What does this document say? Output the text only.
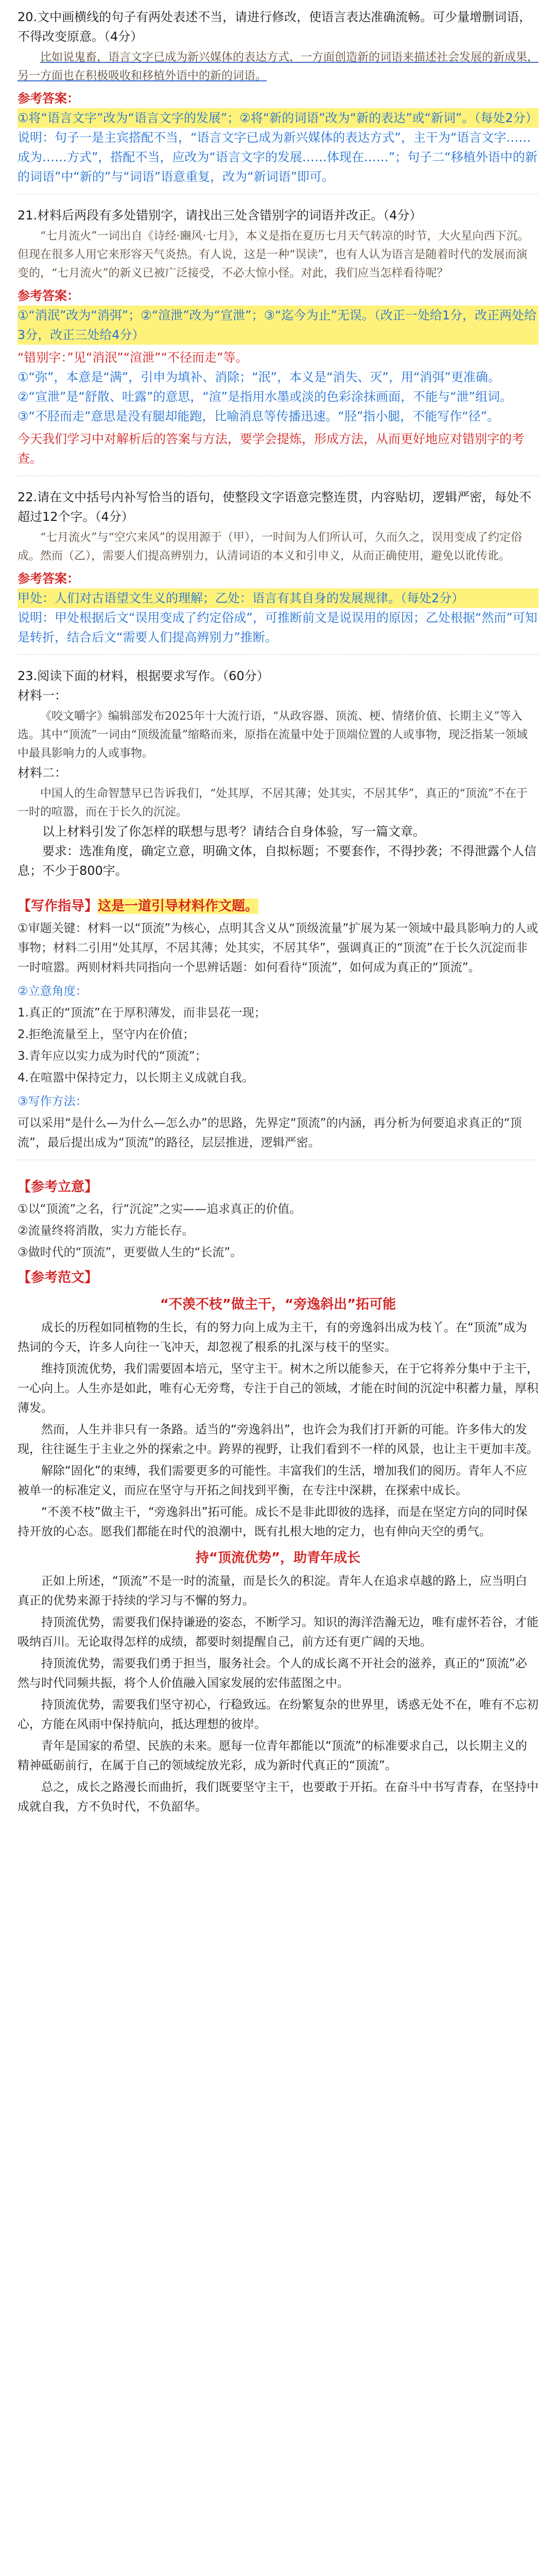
20.文中画横线的句子有两处表述不当，请进行修改，使语言表达准确流畅。可少量增删词语，不得改变原意。（4分）

比如说鬼畜，语言文字已成为新兴媒体的表达方式，一方面创造新的词语来描述社会发展的新成果，另一方面也在积极吸收和移植外语中的新的词语。

参考答案：

①将“语言文字”改为“语言文字的发展”；②将“新的词语”改为“新的表达”或“新词”。（每处2分）

说明：句子一是主宾搭配不当，“语言文字已成为新兴媒体的表达方式”，主干为“语言文字……成为……方式”，搭配不当，应改为“语言文字的发展……体现在……”；句子二“移植外语中的新的词语”中“新的”与“词语”语意重复，改为“新词语”即可。

21.材料后两段有多处错别字，请找出三处含错别字的词语并改正。（4分）

“七月流火”一词出自《诗经·豳风·七月》，本义是指在夏历七月天气转凉的时节，大火星向西下沉。但现在很多人用它来形容天气炎热。有人说，这是一种“误读”，也有人认为语言是随着时代的发展而演变的，“七月流火”的新义已被广泛接受，不必大惊小怪。对此，我们应当怎样看待呢？

参考答案：

①“消泯”改为“消弭”；②“渲泄”改为“宣泄”；③“迄今为止”无误。（改正一处给1分，改正两处给3分，改正三处给4分）

“错别字：”见“消泯”“渲泄”“不径而走”等。

①“弥”，本意是“满”，引申为填补、消除；“泯”，本义是“消失、灭”，用“消弭”更准确。

②“宣泄”是“舒散、吐露”的意思，“渲”是指用水墨或淡的色彩涂抹画面，不能与“泄”组词。

③“不胫而走”意思是没有腿却能跑，比喻消息等传播迅速。“胫”指小腿，不能写作“径”。

今天我们学习中对解析后的答案与方法，要学会提炼，形成方法，从而更好地应对错别字的考查。

22.请在文中括号内补写恰当的语句，使整段文字语意完整连贯，内容贴切，逻辑严密，每处不超过12个字。（4分）

“七月流火”与“空穴来风”的误用源于（甲），一时间为人们所认可，久而久之，误用变成了约定俗成。然而（乙），需要人们提高辨别力，认清词语的本义和引申义，从而正确使用，避免以讹传讹。

参考答案：

甲处：人们对古语望文生义的理解；乙处：语言有其自身的发展规律。（每处2分）

说明：甲处根据后文“误用变成了约定俗成”，可推断前文是说误用的原因；乙处根据“然而”可知是转折，结合后文“需要人们提高辨别力”推断。

23.阅读下面的材料，根据要求写作。（60分）

材料一：

《咬文嚼字》编辑部发布2025年十大流行语，“从政容器、顶流、梗、情绪价值、长期主义”等入选。其中“顶流”一词由“顶级流量”缩略而来，原指在流量中处于顶端位置的人或事物，现泛指某一领域中最具影响力的人或事物。

材料二：

中国人的生命智慧早已告诉我们，“处其厚，不居其薄；处其实，不居其华”，真正的“顶流”不在于一时的喧嚣，而在于长久的沉淀。

以上材料引发了你怎样的联想与思考？请结合自身体验，写一篇文章。

要求：选准角度，确定立意，明确文体，自拟标题；不要套作，不得抄袭；不得泄露个人信息；不少于800字。

【写作指导】这是一道引导材料作文题。

①审题关键：材料一以“顶流”为核心，点明其含义从“顶级流量”扩展为某一领域中最具影响力的人或事物；材料二引用“处其厚，不居其薄；处其实，不居其华”，强调真正的“顶流”在于长久沉淀而非一时喧嚣。两则材料共同指向一个思辨话题：如何看待“顶流”，如何成为真正的“顶流”。

②立意角度：

1.真正的“顶流”在于厚积薄发，而非昙花一现；

2.拒绝流量至上，坚守内在价值；

3.青年应以实力成为时代的“顶流”；

4.在喧嚣中保持定力，以长期主义成就自我。

③写作方法：

可以采用“是什么—为什么—怎么办”的思路，先界定“顶流”的内涵，再分析为何要追求真正的“顶流”，最后提出成为“顶流”的路径，层层推进，逻辑严密。

【参考立意】

①以“顶流”之名，行“沉淀”之实——追求真正的价值。

②流量终将消散，实力方能长存。

③做时代的“顶流”，更要做人生的“长流”。

【参考范文】

“不羡不枝”做主干，“旁逸斜出”拓可能

成长的历程如同植物的生长，有的努力向上成为主干，有的旁逸斜出成为枝丫。在“顶流”成为热词的今天，许多人向往一飞冲天，却忽视了根系的扎深与枝干的坚实。

维持顶流优势，我们需要固本培元，坚守主干。树木之所以能参天，在于它将养分集中于主干，一心向上。人生亦是如此，唯有心无旁骛，专注于自己的领域，才能在时间的沉淀中积蓄力量，厚积薄发。

然而，人生并非只有一条路。适当的“旁逸斜出”，也许会为我们打开新的可能。许多伟大的发现，往往诞生于主业之外的探索之中。跨界的视野，让我们看到不一样的风景，也让主干更加丰茂。

解除“固化”的束缚，我们需要更多的可能性。丰富我们的生活，增加我们的阅历。青年人不应被单一的标准定义，而应在坚守与开拓之间找到平衡，在专注中深耕，在探索中成长。

“不羡不枝”做主干，“旁逸斜出”拓可能。成长不是非此即彼的选择，而是在坚定方向的同时保持开放的心态。愿我们都能在时代的浪潮中，既有扎根大地的定力，也有伸向天空的勇气。

持“顶流优势”，助青年成长

正如上所述，“顶流”不是一时的流量，而是长久的积淀。青年人在追求卓越的路上，应当明白真正的优势来源于持续的学习与不懈的努力。

持顶流优势，需要我们保持谦逊的姿态，不断学习。知识的海洋浩瀚无边，唯有虚怀若谷，才能吸纳百川。无论取得怎样的成绩，都要时刻提醒自己，前方还有更广阔的天地。

持顶流优势，需要我们勇于担当，服务社会。个人的成长离不开社会的滋养，真正的“顶流”必然与时代同频共振，将个人价值融入国家发展的宏伟蓝图之中。

持顶流优势，需要我们坚守初心，行稳致远。在纷繁复杂的世界里，诱惑无处不在，唯有不忘初心，方能在风雨中保持航向，抵达理想的彼岸。

青年是国家的希望、民族的未来。愿每一位青年都能以“顶流”的标准要求自己，以长期主义的精神砥砺前行，在属于自己的领域绽放光彩，成为新时代真正的“顶流”。

总之，成长之路漫长而曲折，我们既要坚守主干，也要敢于开拓。在奋斗中书写青春，在坚持中成就自我，方不负时代，不负韶华。
